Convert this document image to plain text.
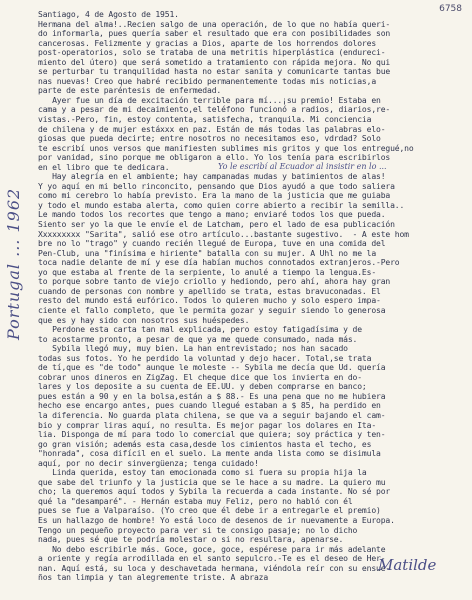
6758
Portugal ... 1962
Santiago, 4 de Agosto de 1951.
Hermana del alma!..Recien salgo de una operación, de lo que no había queri-
do informarla, pues quería saber el resultado que era con posibilidades son
cancerosas. Felizmente y gracias a Dios, aparte de los horrendos dolores
post-operatorios, solo se trataba de una metritis hiperplástica (endureci-
miento del útero) que será sometido a tratamiento con rápida mejora. No qui
se perturbar tu tranquilidad hasta no estar sanita y comunicarte tantas bue
nas nuevas! Creo que habré recibido permanentemente todas mis noticias,a
parte de este paréntesis de enfermedad.
Ayer fue un día de excitación terrible para mí...¡su premio! Estaba en
cama y a pesar de mi decaimiento,el teléfono funcionó a radios, diarios,re-
vistas.-Pero, fin, estoy contenta, satisfecha, tranquila. Mi conciencia
de chilena y de mujer estáxxx en paz. Están de más todas las palabras elo-
giosas que pueda decirte; entre nosotros no necesitamos eso, vdrdad? Solo
te escribí unos versos que manifiesten sublimes mis gritos y que los entregué,no
por vanidad, sino porque me obligaron a ello. Yo los tenía para escribirlos
en el libro que te dedicara.
Hay alegría en el ambiente; hay campanadas mudas y batimientos de alas!
Y yo aquí en mi bello rinconcito, pensando que Dios ayudó a que todo saliera
como mi cerebro lo había previsto. Era la mano de la justicia que me guiaba
y todo el mundo estaba alerta, como quien corre abierto a recibir la semilla..
Le mando todos los recortes que tengo a mano; enviaré todos los que pueda.
Siento ser yo la que le envíe el de Latcham, pero el lado de esa publicación
Xxxxxxxxx "Sarita", salió ese otro artículo...bastante sugestivo.  - A este hom
bre no lo "trago" y cuando recién llegué de Europa, tuve en una comida del
Pen-Club, una "finísima e hiriente" batalla con su mujer. A Uhl no me la
toca nadie delante de mí y ese día habían muchos connotados extranjeros.-Pero
yo que estaba al frente de la serpiente, lo anulé a tiempo la lengua.Es-
to porque sobre tanto de viejo criollo y hediondo, pero ahí, ahora hay gran
cuando de personas con nombre y apellido se trata, estas bravuconadas. El
resto del mundo está eufórico. Todos lo quieren mucho y solo espero impa-
ciente el fallo completo, que le permita gozar y seguir siendo lo generosa
que es y hay sido con nosotros sus huéspedes.
Perdone esta carta tan mal explicada, pero estoy fatigadísima y de
to acostarme pronto, a pesar de que ya me quede consumado, nada más.
Sybila llegó muy, muy bien. La han entrevistado; nos han sacado
todas sus fotos. Yo he perdido la voluntad y dejo hacer. Total,se trata
de tí,que es "de todo" aunque le moleste -- Sybila me decía que Ud. quería
cobrar unos dineros en ZigZag. El cheque dice que los invierta en do-
lares y los deposite a su cuenta de EE.UU. y deben comprarse en banco;
pues están a 90 y en la bolsa,están a $ 88.- Es una pena que no me hubiera
hecho ese encargo antes, pues cuando llegué estaban a $ 85, ha perdido en
la diferencia. No guarda plata chilena, se que va a seguir bajando el cam-
bio y comprar liras aquí, no resulta. Es mejor pagar los dolares en Ita-
lia. Disponga de mí para todo lo comercial que quiera; soy práctica y ten-
go gran visión; además esta casa,desde los cimientos hasta el techo, es
"honrada", cosa difícil en el suelo. La mente anda lista como se disimula
aquí, por no decir sinvergüenza; tenga cuidado!
Linda querida, estoy tan emocionada como si fuera su propia hija la
que sabe del triunfo y la justicia que se le hace a su madre. La quiero mu
cho; la queremos aquí todos y Sybila la recuerda a cada instante. No sé por
qué la "desamparé". - Hernán estaba muy Feliz, pero no habló con él
pues se fue a Valparaíso. (Yo creo que él debe ir a entregarle el premio)
Es un hallazgo de hombre! Yo está loco de desenos de ir nuevamente a Europa.
Tengo un pequeño proyecto para ver si te consigo pasaje; no lo dicho
nada, pues sé que te podría molestar o si no resultara, apenarse.
No debo escribirle más. Goce, goce, goce, espérese para ir más adelante
a oriente y regía arrodillada en el santo sepulcro.-Te es el deseo de Her-
nan. Aquí está, su loca y deschavetada hermana, viéndola reír con su ensue-
ños tan limpia y tan alegremente triste. A abraza
Yo le escribí al Ecuador al insistir en lo ...
Matilde
